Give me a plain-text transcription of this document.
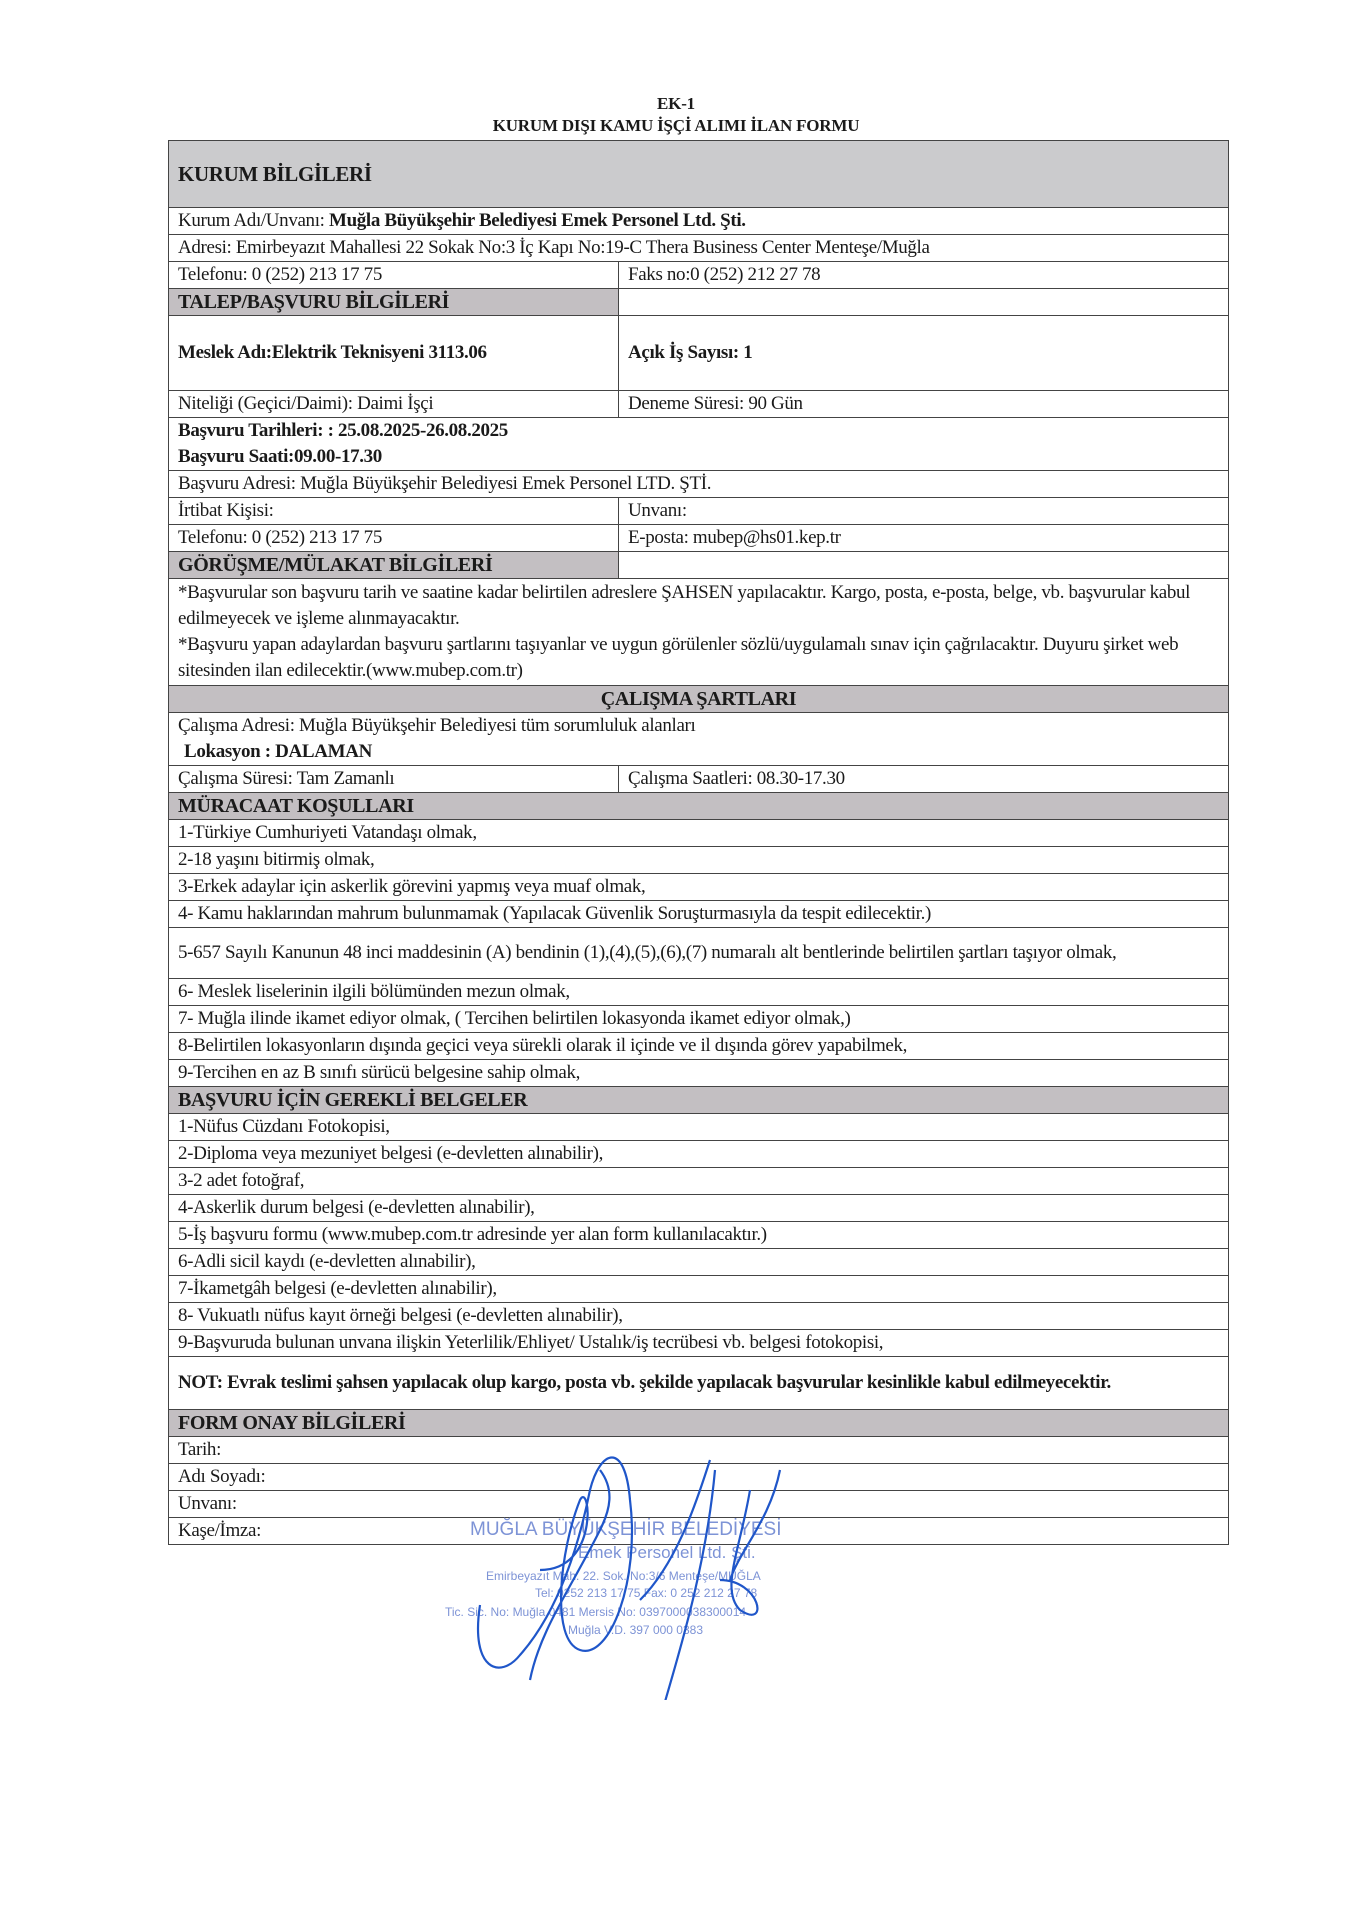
EK-1
KURUM DIŞI KAMU İŞÇİ ALIMI İLAN FORMU
KURUM BİLGİLERİ	
Kurum Adı/Unvanı: Muğla Büyükşehir Belediyesi Emek Personel Ltd. Şti.	
Adresi: Emirbeyazıt Mahallesi 22 Sokak No:3 İç Kapı No:19-C Thera Business Center Menteşe/Muğla	
Telefonu: 0 (252) 213 17 75	Faks no:0 (252) 212 27 78
TALEP/BAŞVURU BİLGİLERİ	
Meslek Adı:Elektrik Teknisyeni 3113.06	Açık İş Sayısı: 1
Niteliği (Geçici/Daimi): Daimi İşçi	Deneme Süresi: 90 Gün

Başvuru Tarihleri: : 25.08.2025-26.08.2025
Başvuru Saati:09.00-17.30	

Başvuru Adresi: Muğla Büyükşehir Belediyesi Emek Personel LTD. ŞTİ.	
İrtibat Kişisi:	Unvanı:
Telefonu: 0 (252) 213 17 75	E-posta: mubep@hs01.kep.tr
GÖRÜŞME/MÜLAKAT BİLGİLERİ	

*Başvurular son başvuru tarih ve saatine kadar belirtilen adreslere ŞAHSEN yapılacaktır. Kargo, posta, e-posta, belge, vb. başvurular kabul edilmeyecek ve işleme alınmayacaktır.
*Başvuru yapan adaylardan başvuru şartlarını taşıyanlar ve uygun görülenler sözlü/uygulamalı sınav için çağrılacaktır. Duyuru şirket web sitesinden ilan edilecektir.(www.mubep.com.tr)	

ÇALIŞMA ŞARTLARI	

Çalışma Adresi: Muğla Büyükşehir Belediyesi tüm sorumluluk alanları
Lokasyon : DALAMAN	

Çalışma Süresi: Tam Zamanlı	Çalışma Saatleri: 08.30-17.30
MÜRACAAT KOŞULLARI	
1-Türkiye Cumhuriyeti Vatandaşı olmak,	
2-18 yaşını bitirmiş olmak,	
3-Erkek adaylar için askerlik görevini yapmış veya muaf olmak,	
4- Kamu haklarından mahrum bulunmamak (Yapılacak Güvenlik Soruşturmasıyla da tespit edilecektir.)	
5-657 Sayılı Kanunun 48 inci maddesinin (A) bendinin (1),(4),(5),(6),(7) numaralı alt bentlerinde belirtilen şartları taşıyor olmak,	
6- Meslek liselerinin ilgili bölümünden mezun olmak,	
7- Muğla ilinde ikamet ediyor olmak, ( Tercihen belirtilen lokasyonda ikamet ediyor olmak,)	
8-Belirtilen lokasyonların dışında geçici veya sürekli olarak il içinde ve il dışında görev yapabilmek,	
9-Tercihen en az B sınıfı sürücü belgesine sahip olmak,	
BAŞVURU İÇİN GEREKLİ BELGELER	
1-Nüfus Cüzdanı Fotokopisi,	
2-Diploma veya mezuniyet belgesi (e-devletten alınabilir),	
3-2 adet fotoğraf,	
4-Askerlik durum belgesi (e-devletten alınabilir),	
5-İş başvuru formu (www.mubep.com.tr adresinde yer alan form kullanılacaktır.)	
6-Adli sicil kaydı (e-devletten alınabilir),	
7-İkametgâh belgesi (e-devletten alınabilir),	
8- Vukuatlı nüfus kayıt örneği belgesi (e-devletten alınabilir),	
9-Başvuruda bulunan unvana ilişkin Yeterlilik/Ehliyet/ Ustalık/iş tecrübesi vb. belgesi fotokopisi,	
NOT: Evrak teslimi şahsen yapılacak olup kargo, posta vb. şekilde yapılacak başvurular kesinlikle kabul edilmeyecektir.	
FORM ONAY BİLGİLERİ	
Tarih:	
Adı Soyadı:	
Unvanı:	
Kaşe/İmza:		MUĞLA BÜYÜKŞEHİR BELEDİYESİ
Emek Personel Ltd. Şti.
Emirbeyazıt Mah. 22. Sok. No:3/6 Menteşe/MUĞLA
Tel: 0252 213 17 75 Fax: 0 252 212 27 78
Tic. Sic. No: Muğla 0481 Mersis No: 0397000038300014
Muğla V.D. 397 000 0383
